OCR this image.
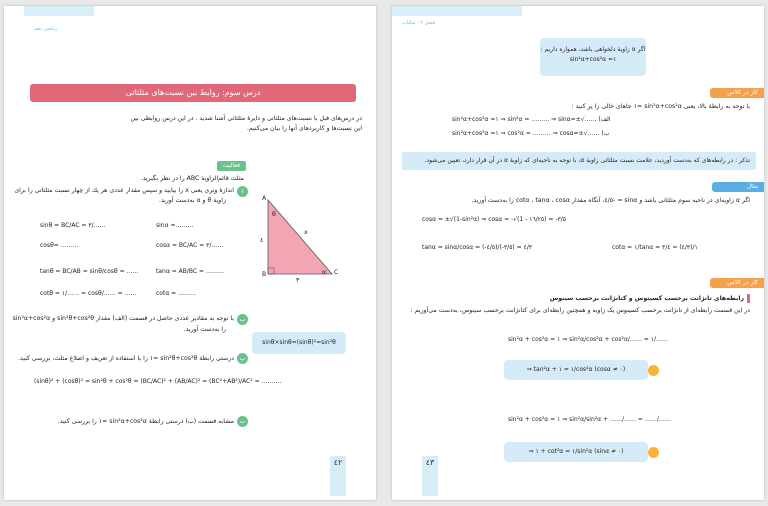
رياضى دهم
درس سوم: روابط بين نسبت‌هاى مثلثاتى
در درس‌هاى قبل با نسبت‌هاى مثلثاتى و دايرهٔ مثلثاتى آشنا شديد . در اين درس روابطى بين
اين نسبت‌ها و كاربردهاى آنها را بيان مى‌كنيم.
فعاليت
مثلث قائم‌الزاويهٔ ABC را در نظر بگيريد.
١
اندازهٔ وترى يعنى x را بيابيد و سپس مقدار عددى هر يك از چهار نسبت مثلثاتى را براى
زاويهٔ θ و α به‌دست آوريد.	A
B	C
x
٤
٣
θ
α
sinθ = BC/AC = ٣/……	sinα =………
cosθ= ………	cosα = BC/AC = ٣/……
tanθ = BC/AB = sinθ/cosθ = ……	tanα = AB/BC = ………
cotθ = ١/…… = cosθ/…… = ……	cotα = ………
ب
با توجه به مقادير عددى حاصل در قسمت (الف) مقدار sin²θ+cos²θ و sin²α+cos²α
را به‌دست آوريد.
sinθ×sinθ=(sinθ)²=sin²θ
پ
درستى رابطهٔ sin²θ+cos²θ =١ را با استفاده از تعريف و اصلاع مثلث، بررسى كنيد.
(sinθ)² + (cosθ)² = sin²θ + cos²θ = (BC/AC)² + (AB/AC)² = (BC²+AB²)/AC² = ……….
ت
مشابه قسمت (ب) درستى رابطهٔ sin²α+cos²α =١ را بررسى كنيد.
٤٢
فصل ٢ : مثلثات
اگر α زاويهٔ دلخواهى باشد، همواره داريم :
sin²α+cos²α =١
كار در كلاس
با توجه به رابطهٔ بالا، يعنى sin²α+cos²α =١ جاهاى خالى را پر كنيد :
sin²α+cos²α =١ ⇒ sin²α = ……… ⇒ sinα=±√…… (الف
sin²α+cos²α =١ ⇒ cos²α = ……… ⇒ cosα=±√…… (ب
تذكر : در رابطه‌هاى كه به‌دست آورديد، علامت نسبت مثلثاتى زاويهٔ α، با توجه به ناحيه‌اى كه زاويهٔ α در آن قرار دارد، تعيين مى‌شود.
مثال
اگر α زاويه‌اى در ناحيه سوم مثلثاتى باشد و sinα = -٤/٥، آنگاه مقدار cotα ، tanα ، cosα را به‌دست آوريد.
cosα = ±√(1-sin²α) ⇒ cosα = -√(1 - ١٦/٢٥) = -٣/٥
tanα = sinα/cosα = (-٤/٥)/(-٣/٥) = ٤/٣	cotα = ١/tanα = ١/(٤/٣) = ٣/٤
كار در كلاس
رابطه‌هاى تانژانت برحسب كسينوس و كتانژانت برحسب سينوس
در اين قسمت رابطه‌اى از تانژانت برحسب كسينوس يک زاويه و همچنين رابطه‌اى براى كتانژانت برحسب سينوس، به‌دست مى‌آوريم :
sin²α + cos²α = ١ ⇒ sin²α/cos²α + cos²α/…… = ١/……
⇒ tan²α + ١ = ١/cos²α (cosα ≠ ٠)
sin²α + cos²α = ١ ⇒ sin²α/sin²α + ……/…… = ……/……
⇒ ١ + cot²α = ١/sin²α (sinα ≠ ٠)
٤٣
